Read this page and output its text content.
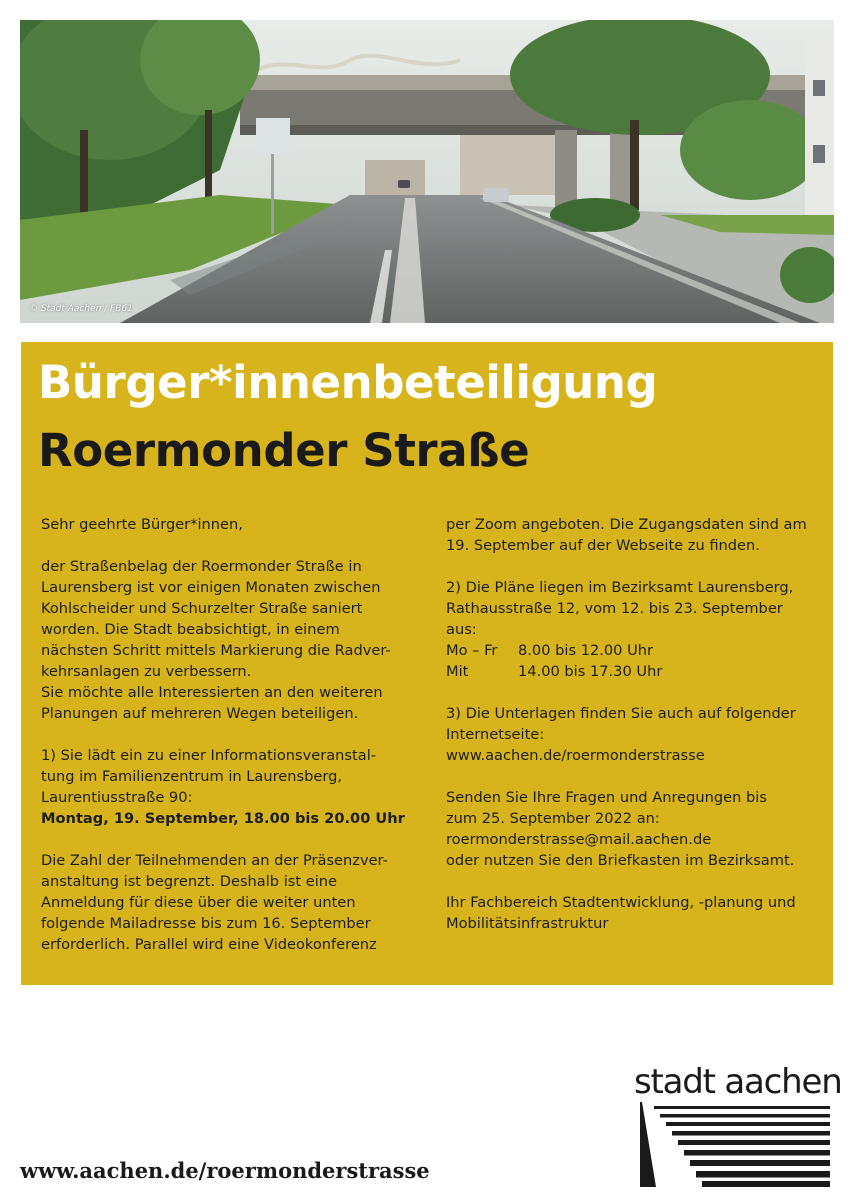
© Stadt Aachen / FB61
Bürger*innenbeteiligung
Roermonder Straße

Sehr geehrte Bürger*innen,

der Straßenbelag der Roermonder Straße in

Laurensberg ist vor einigen Monaten zwischen

Kohlscheider und Schurzelter Straße saniert

worden. Die Stadt beabsichtigt, in einem

nächsten Schritt mittels Markierung die Radver-

kehrsanlagen zu verbessern.

Sie möchte alle Interessierten an den weiteren

Planungen auf mehreren Wegen beteiligen.

1) Sie lädt ein zu einer Informationsveranstal-

tung im Familienzentrum in Laurensberg,

Laurentiusstraße 90:

Montag, 19. September, 18.00 bis 20.00 Uhr

Die Zahl der Teilnehmenden an der Präsenzver-

anstaltung ist begrenzt. Deshalb ist eine

Anmeldung für diese über die weiter unten

folgende Mailadresse bis zum 16. September

erforderlich. Parallel wird eine Videokonferenz

per Zoom angeboten. Die Zugangsdaten sind am

19. September auf der Webseite zu finden.

2) Die Pläne liegen im Bezirksamt Laurensberg,

Rathausstraße 12, vom 12. bis 23. September

aus:

Mo – Fr	8.00 bis 12.00 Uhr
Mit	14.00 bis 17.30 Uhr

3) Die Unterlagen finden Sie auch auf folgender

Internetseite:

www.aachen.de/roermonderstrasse

Senden Sie Ihre Fragen und Anregungen bis

zum 25. September 2022 an:

roermonderstrasse@mail.aachen.de

oder nutzen Sie den Briefkasten im Bezirksamt.

Ihr Fachbereich Stadtentwicklung, -planung und

Mobilitätsinfrastruktur

www.aachen.de/roermonderstrasse
stadt aachen
